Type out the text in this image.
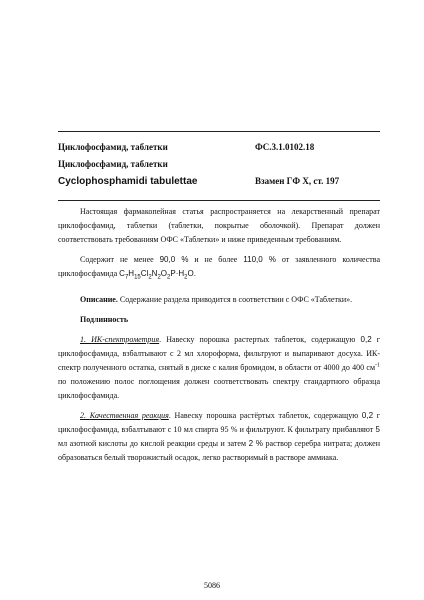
Циклофосфамид, таблетки	ФС.3.1.0102.18
Циклофосфамид, таблетки
Cyclophosphamidi tabulettae	Взамен ГФ X, ст. 197

Настоящая фармакопейная статья распространяется на лекарственный препарат циклофосфамид, таблетки (таблетки, покрытые оболочкой). Препарат должен соответствовать требованиям ОФС «Таблетки» и ниже приведенным требованиям.

Содержит не менее 90,0 % и не более 110,0 % от заявленного количества циклофосфамида $C_7H_{15}Cl_2N_2O_2P\cdot H_2O$.

Описание. Содержание раздела приводится в соответствии с ОФС «Таблетки».

Подлинность

1. ИК-спектрометрия. Навеску порошка растертых таблеток, содержащую 0,2 г циклофосфамида, взбалтывают с 2 мл хлороформа, фильтруют и выпаривают досуха. ИК-спектр полученного остатка, снятый в диске с калия бромидом, в области от 4000 до 400 $см^{-1}$ по положению полос поглощения должен соответствовать спектру стандартного образца циклофосфамида.

2. Качественная реакция. Навеску порошка растёртых таблеток, содержащую 0,2 г циклофосфамида, взбалтывают с 10 мл спирта 95 % и фильтруют. К фильтрату прибавляют 5 мл азотной кислоты до кислой реакции среды и затем 2 % раствор серебра нитрата; должен образоваться белый творожистый осадок, легко растворимый в растворе аммиака.

5086
